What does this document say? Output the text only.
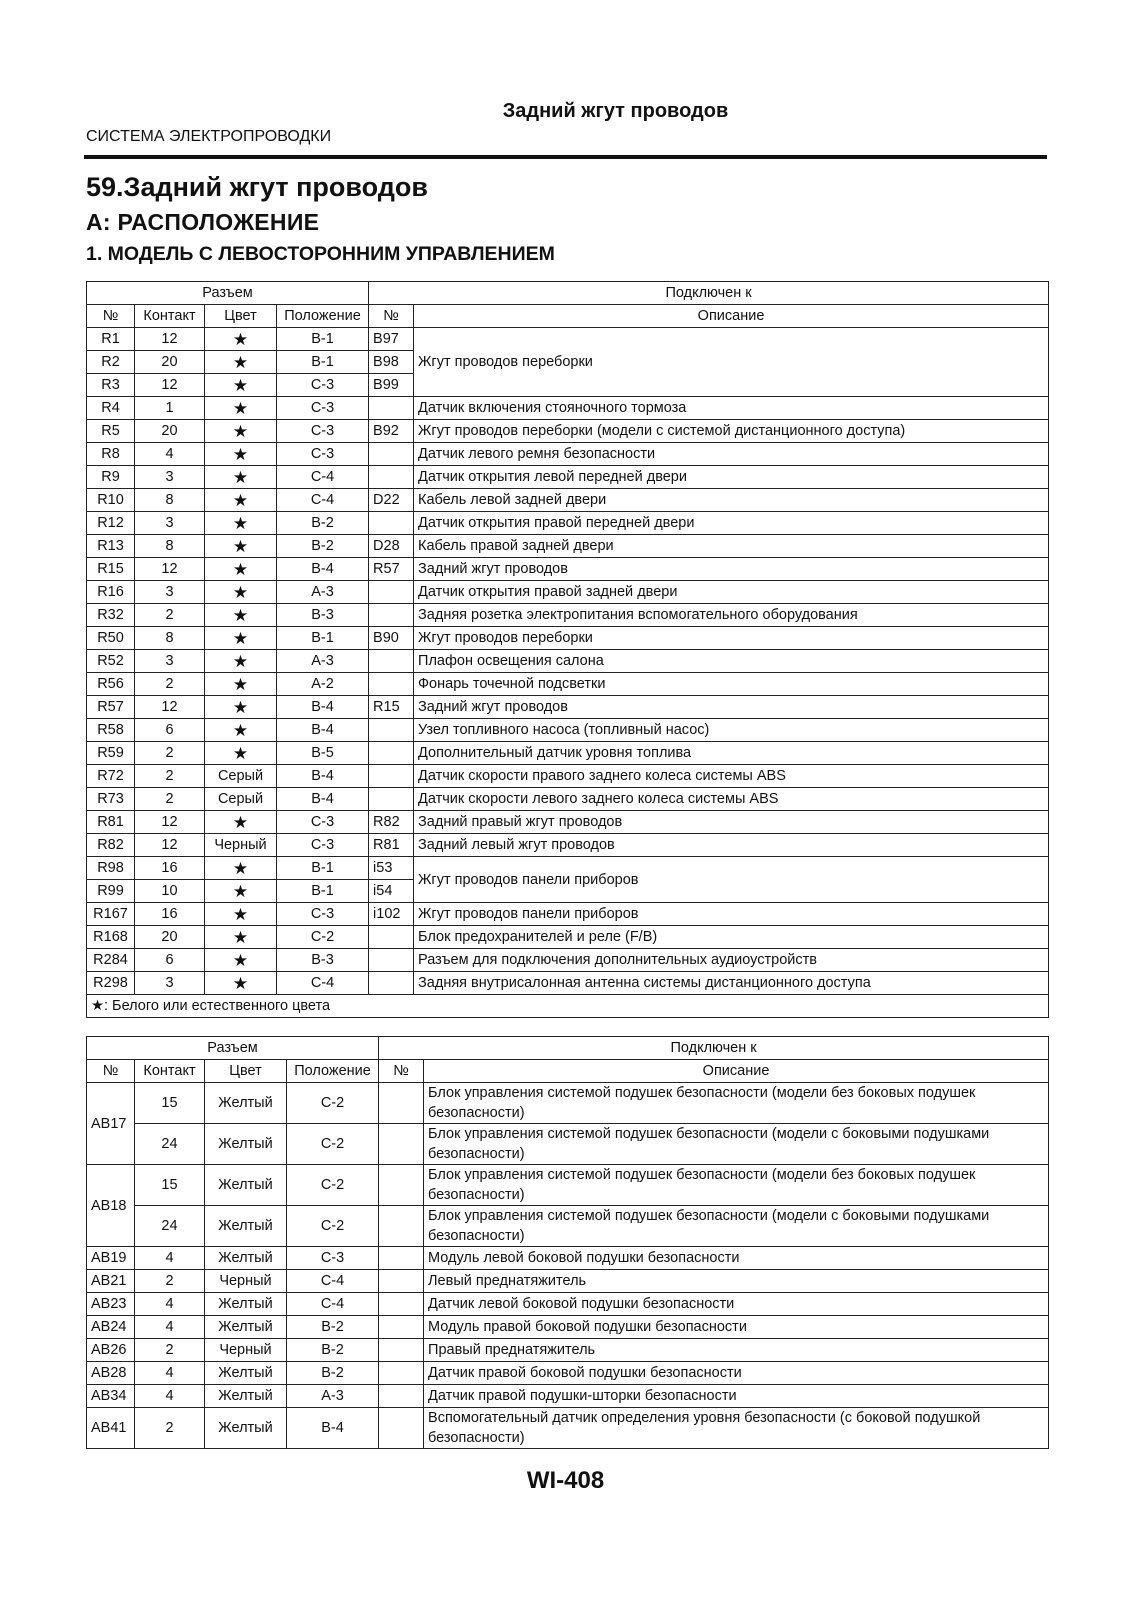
Задний жгут проводов
СИСТЕМА ЭЛЕКТРОПРОВОДКИ
59.Задний жгут проводов
A: РАСПОЛОЖЕНИЕ
1. МОДЕЛЬ С ЛЕВОСТОРОННИМ УПРАВЛЕНИЕМ
Разъем				Подключен к	
№	Контакт	Цвет	Положение	№	Описание
R1	12	★	B-1	B97	Жгут проводов переборки
R2	20	★	B-1	B98	
R3	12	★	C-3	B99	
R4	1	★	C-3		Датчик включения стояночного тормоза
R5	20	★	C-3	B92	Жгут проводов переборки (модели с системой дистанционного доступа)
R8	4	★	C-3		Датчик левого ремня безопасности
R9	3	★	C-4		Датчик открытия левой передней двери
R10	8	★	C-4	D22	Кабель левой задней двери
R12	3	★	B-2		Датчик открытия правой передней двери
R13	8	★	B-2	D28	Кабель правой задней двери
R15	12	★	B-4	R57	Задний жгут проводов
R16	3	★	A-3		Датчик открытия правой задней двери
R32	2	★	B-3		Задняя розетка электропитания вспомогательного оборудования
R50	8	★	B-1	B90	Жгут проводов переборки
R52	3	★	A-3		Плафон освещения салона
R56	2	★	A-2		Фонарь точечной подсветки
R57	12	★	B-4	R15	Задний жгут проводов
R58	6	★	B-4		Узел топливного насоса (топливный насос)
R59	2	★	B-5		Дополнительный датчик уровня топлива
R72	2	Серый	B-4		Датчик скорости правого заднего колеса системы ABS
R73	2	Серый	B-4		Датчик скорости левого заднего колеса системы ABS
R81	12	★	C-3	R82	Задний правый жгут проводов
R82	12	Черный	C-3	R81	Задний левый жгут проводов
R98	16	★	B-1	i53	Жгут проводов панели приборов
R99	10	★	B-1	i54	
R167	16	★	C-3	i102	Жгут проводов панели приборов
R168	20	★	C-2		Блок предохранителей и реле (F/B)
R284	6	★	B-3		Разъем для подключения дополнительных аудиоустройств
R298	3	★	C-4		Задняя внутрисалонная антенна системы дистанционного доступа
★: Белого или естественного цвета					
Разъем				Подключен к	
№	Контакт	Цвет	Положение	№	Описание
AB17	15	Желтый	C-2		Блок управления системой подушек безопасности (модели без боковых подушек безопасности)
	24	Желтый	C-2		Блок управления системой подушек безопасности (модели с боковыми подушками безопасности)
AB18	15	Желтый	C-2		Блок управления системой подушек безопасности (модели без боковых подушек безопасности)
	24	Желтый	C-2		Блок управления системой подушек безопасности (модели с боковыми подушками безопасности)
AB19	4	Желтый	C-3		Модуль левой боковой подушки безопасности
AB21	2	Черный	C-4		Левый преднатяжитель
AB23	4	Желтый	C-4		Датчик левой боковой подушки безопасности
AB24	4	Желтый	B-2		Модуль правой боковой подушки безопасности
AB26	2	Черный	B-2		Правый преднатяжитель
AB28	4	Желтый	B-2		Датчик правой боковой подушки безопасности
AB34	4	Желтый	A-3		Датчик правой подушки-шторки безопасности
AB41	2	Желтый	B-4		Вспомогательный датчик определения уровня безопасности (с боковой подушкой безопасности)
WI-408
